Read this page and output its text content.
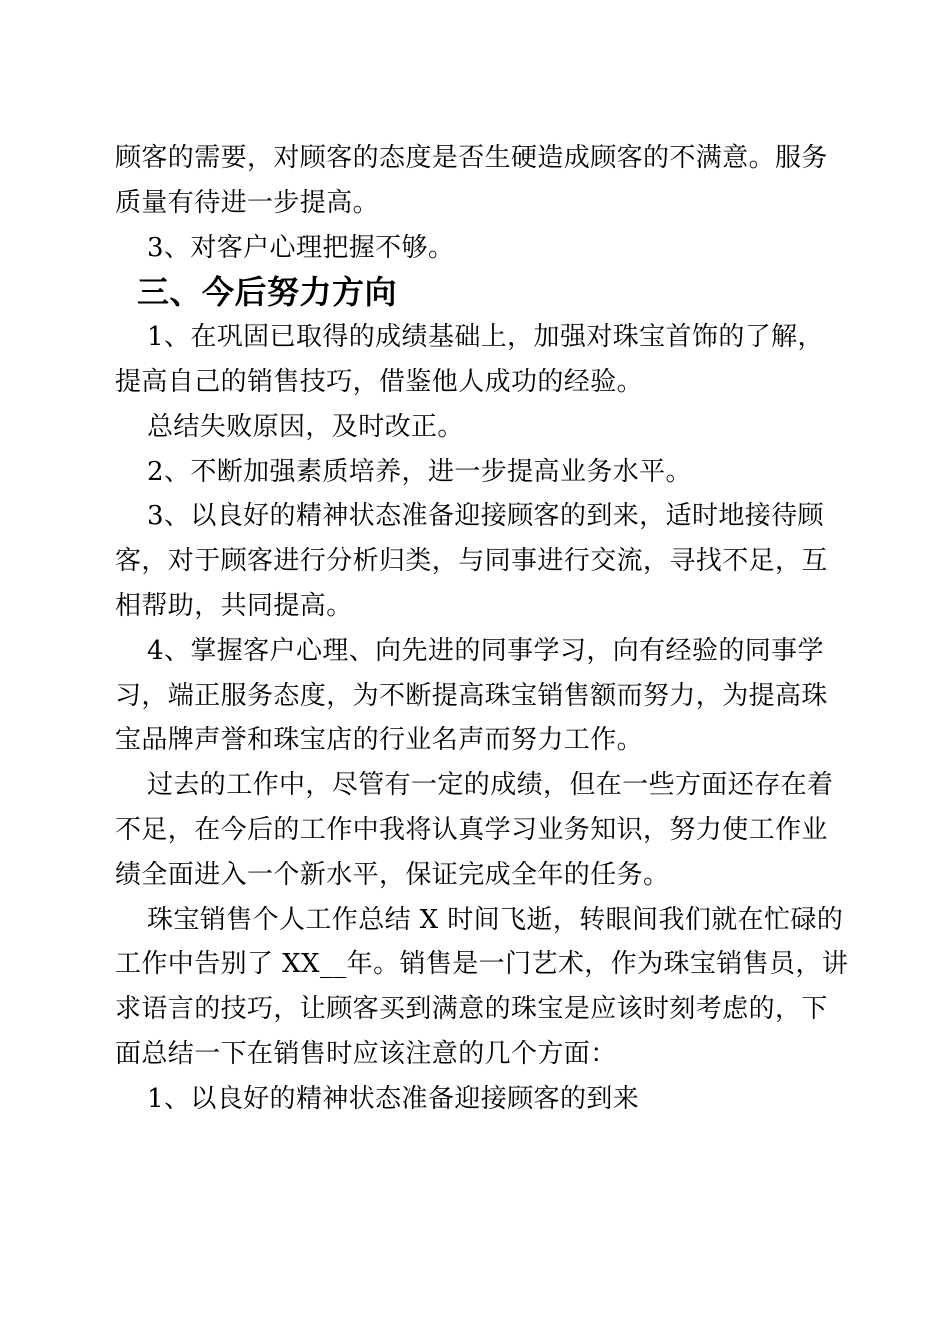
顾客的需要，对顾客的态度是否生硬造成顾客的不满意。服务
质量有待进一步提高。
3、对客户心理把握不够。
三、今后努力方向
1、在巩固已取得的成绩基础上，加强对珠宝首饰的了解，
提高自己的销售技巧，借鉴他人成功的经验。
总结失败原因，及时改正。
2、不断加强素质培养，进一步提高业务水平。
3、以良好的精神状态准备迎接顾客的到来，适时地接待顾
客，对于顾客进行分析归类，与同事进行交流，寻找不足，互
相帮助，共同提高。
4、掌握客户心理、向先进的同事学习，向有经验的同事学
习，端正服务态度，为不断提高珠宝销售额而努力，为提高珠
宝品牌声誉和珠宝店的行业名声而努力工作。
过去的工作中，尽管有一定的成绩，但在一些方面还存在着
不足，在今后的工作中我将认真学习业务知识，努力使工作业
绩全面进入一个新水平，保证完成全年的任务。
珠宝销售个人工作总结 X 时间飞逝，转眼间我们就在忙碌的
工作中告别了 XX__年。销售是一门艺术，作为珠宝销售员，讲
求语言的技巧，让顾客买到满意的珠宝是应该时刻考虑的，下
面总结一下在销售时应该注意的几个方面：
1、以良好的精神状态准备迎接顾客的到来
